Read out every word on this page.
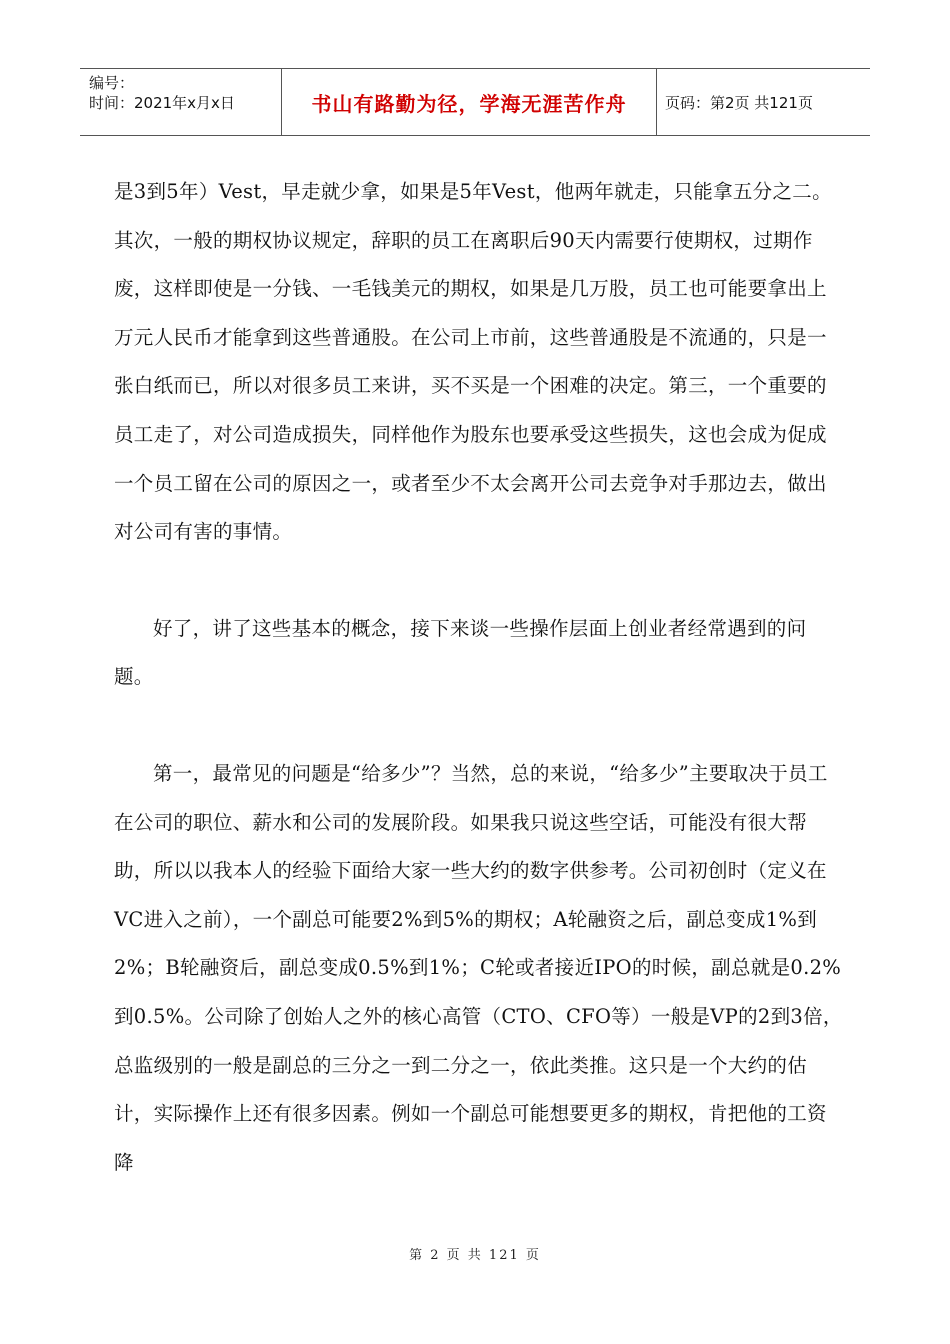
编号：
时间：2021年x月x日	书山有路勤为径，学海无涯苦作舟	页码：第2页 共121页

是3到5年）Vest，早走就少拿，如果是5年Vest，他两年就走，只能拿五分之二。其次，一般的期权协议规定，辞职的员工在离职后90天内需要行使期权，过期作废，这样即使是一分钱、一毛钱美元的期权，如果是几万股，员工也可能要拿出上万元人民币才能拿到这些普通股。在公司上市前，这些普通股是不流通的，只是一张白纸而已，所以对很多员工来讲，买不买是一个困难的决定。第三，一个重要的员工走了，对公司造成损失，同样他作为股东也要承受这些损失，这也会成为促成一个员工留在公司的原因之一，或者至少不太会离开公司去竞争对手那边去，做出对公司有害的事情。

好了，讲了这些基本的概念，接下来谈一些操作层面上创业者经常遇到的问题。

第一，最常见的问题是“给多少”？当然，总的来说，“给多少”主要取决于员工在公司的职位、薪水和公司的发展阶段。如果我只说这些空话，可能没有很大帮助，所以以我本人的经验下面给大家一些大约的数字供参考。公司初创时（定义在VC进入之前），一个副总可能要2%到5%的期权；A轮融资之后，副总变成1%到2%；B轮融资后，副总变成0.5%到1%；C轮或者接近IPO的时候，副总就是0.2%到0.5%。公司除了创始人之外的核心高管（CTO、CFO等）一般是VP的2到3倍，总监级别的一般是副总的三分之一到二分之一，依此类推。这只是一个大约的估计，实际操作上还有很多因素。例如一个副总可能想要更多的期权，肯把他的工资降

第 2 页 共 121 页
